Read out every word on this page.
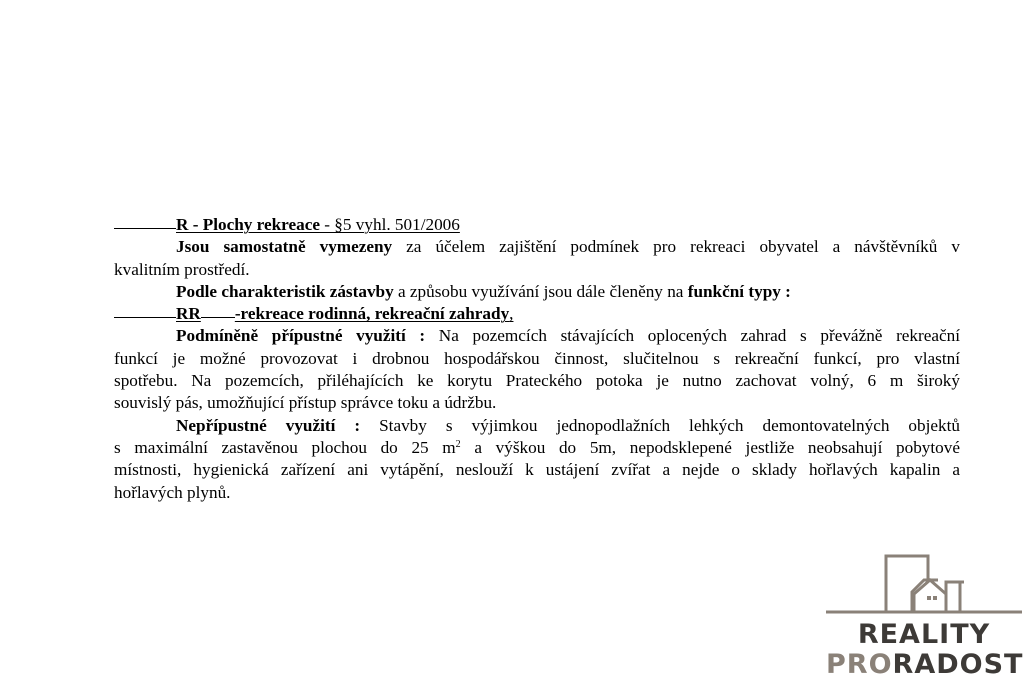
R - Plochy rekreace - §5 vyhl. 501/2006
Jsou samostatně vymezeny za účelem zajištění podmínek pro rekreaci obyvatel a návštěvníků v
kvalitním prostředí.
Podle charakteristik zástavby a způsobu využívání jsou dále členěny na funkční typy :
RR -rekreace rodinná, rekreační zahrady,
Podmíněně přípustné využití : Na pozemcích stávajících oplocených zahrad s převážně rekreační
funkcí je možné provozovat i drobnou hospodářskou činnost, slučitelnou s rekreační funkcí, pro vlastní
spotřebu. Na pozemcích, přiléhajících ke korytu Prateckého potoka je nutno zachovat volný, 6 m široký
souvislý pás, umožňující přístup správce toku a údržbu.
Nepřípustné využití : Stavby s výjimkou jednopodlažních lehkých demontovatelných objektů
s maximální zastavěnou plochou do 25 $m^2$ a výškou do 5m, nepodsklepené jestliže neobsahují pobytové
místnosti, hygienická zařízení ani vytápění, neslouží k ustájení zvířat a nejde o sklady hořlavých kapalin a
hořlavých plynů.
REALITY
PRORADOST
